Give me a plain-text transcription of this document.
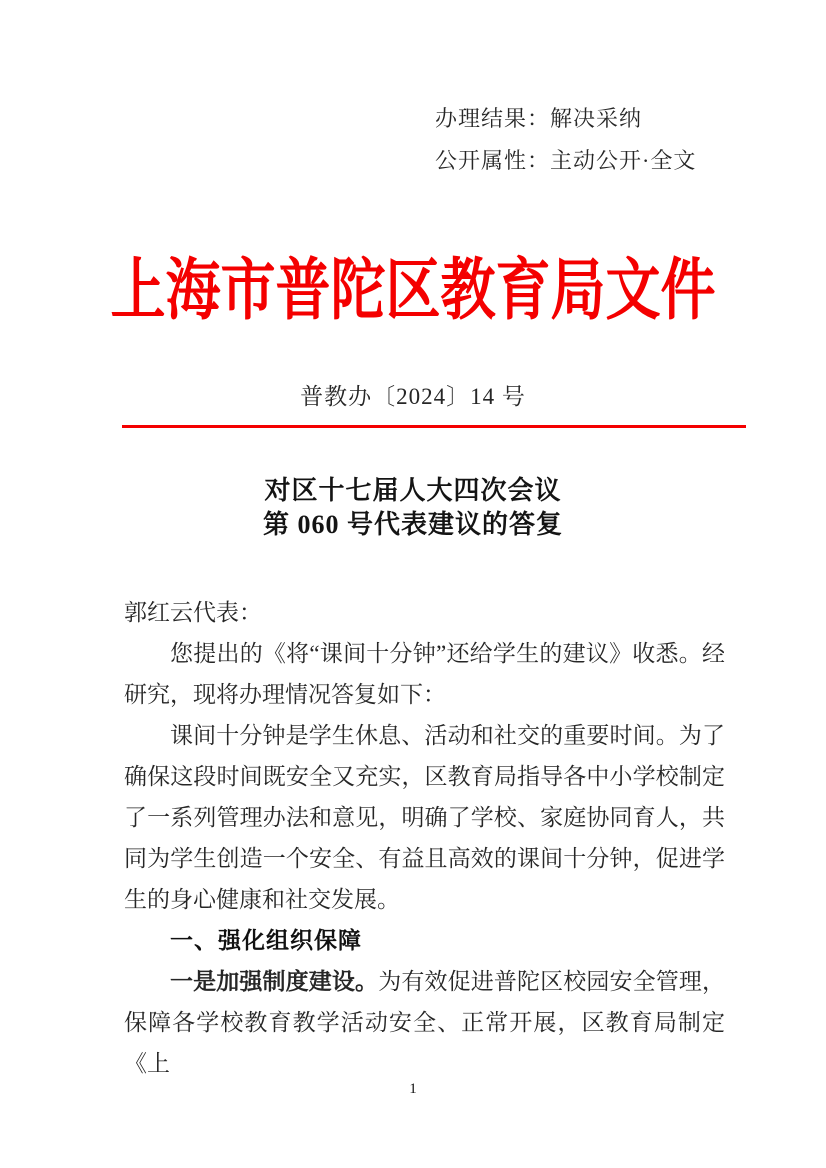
办理结果：解决采纳
公开属性：主动公开·全文
上海市普陀区教育局文件
普教办〔2024〕14 号
对区十七届人大四次会议
第 060 号代表建议的答复

郭红云代表：

您提出的《将“课间十分钟”还给学生的建议》收悉。经研究，现将办理情况答复如下：

课间十分钟是学生休息、活动和社交的重要时间。为了确保这段时间既安全又充实，区教育局指导各中小学校制定了一系列管理办法和意见，明确了学校、家庭协同育人，共同为学生创造一个安全、有益且高效的课间十分钟，促进学生的身心健康和社交发展。

一、强化组织保障

一是加强制度建设。为有效促进普陀区校园安全管理，保障各学校教育教学活动安全、正常开展，区教育局制定《上

1
